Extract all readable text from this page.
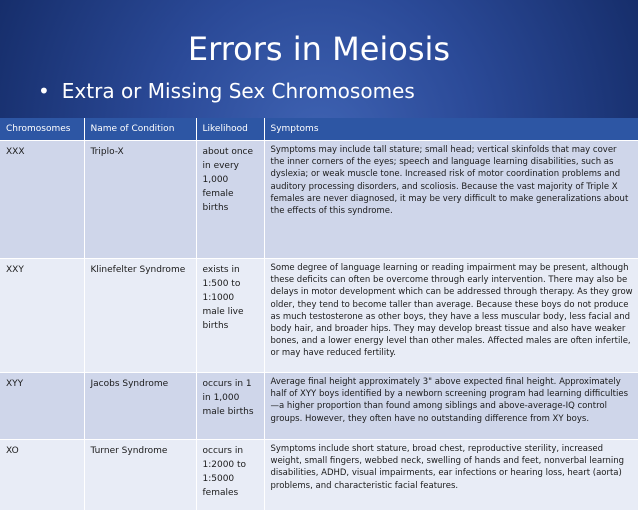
Errors in Meiosis
• Extra or Missing Sex Chromosomes
Chromosomes	Name of Condition	Likelihood	Symptoms
XXX	Triplo-X	about once in every 1,000 female births	Symptoms may include tall stature; small head; vertical skinfolds that may cover the inner corners of the eyes; speech and language learning disabilities, such as dyslexia; or weak muscle tone. Increased risk of motor coordination problems and auditory processing disorders, and scoliosis. Because the vast majority of Triple X females are never diagnosed, it may be very difficult to make generalizations about the effects of this syndrome.
XXY	Klinefelter Syndrome	exists in 1:500 to 1:1000 male live births	Some degree of language learning or reading impairment may be present, although these deficits can often be overcome through early intervention. There may also be delays in motor development which can be addressed through therapy. As they grow older, they tend to become taller than average. Because these boys do not produce as much testosterone as other boys, they have a less muscular body, less facial and body hair, and broader hips. They may develop breast tissue and also have weaker bones, and a lower energy level than other males. Affected males are often infertile, or may have reduced fertility.
XYY	Jacobs Syndrome	occurs in 1 in 1,000 male births	Average final height approximately 3" above expected final height. Approximately half of XYY boys identified by a newborn screening program had learning difficulties—a higher proportion than found among siblings and above-average-IQ control groups. However, they often have no outstanding difference from XY boys.
XO	Turner Syndrome	occurs in 1:2000 to 1:5000 females	Symptoms include short stature, broad chest, reproductive sterility, increased weight, small fingers, webbed neck, swelling of hands and feet, nonverbal learning disabilities, ADHD, visual impairments, ear infections or hearing loss, heart (aorta) problems, and characteristic facial features.
